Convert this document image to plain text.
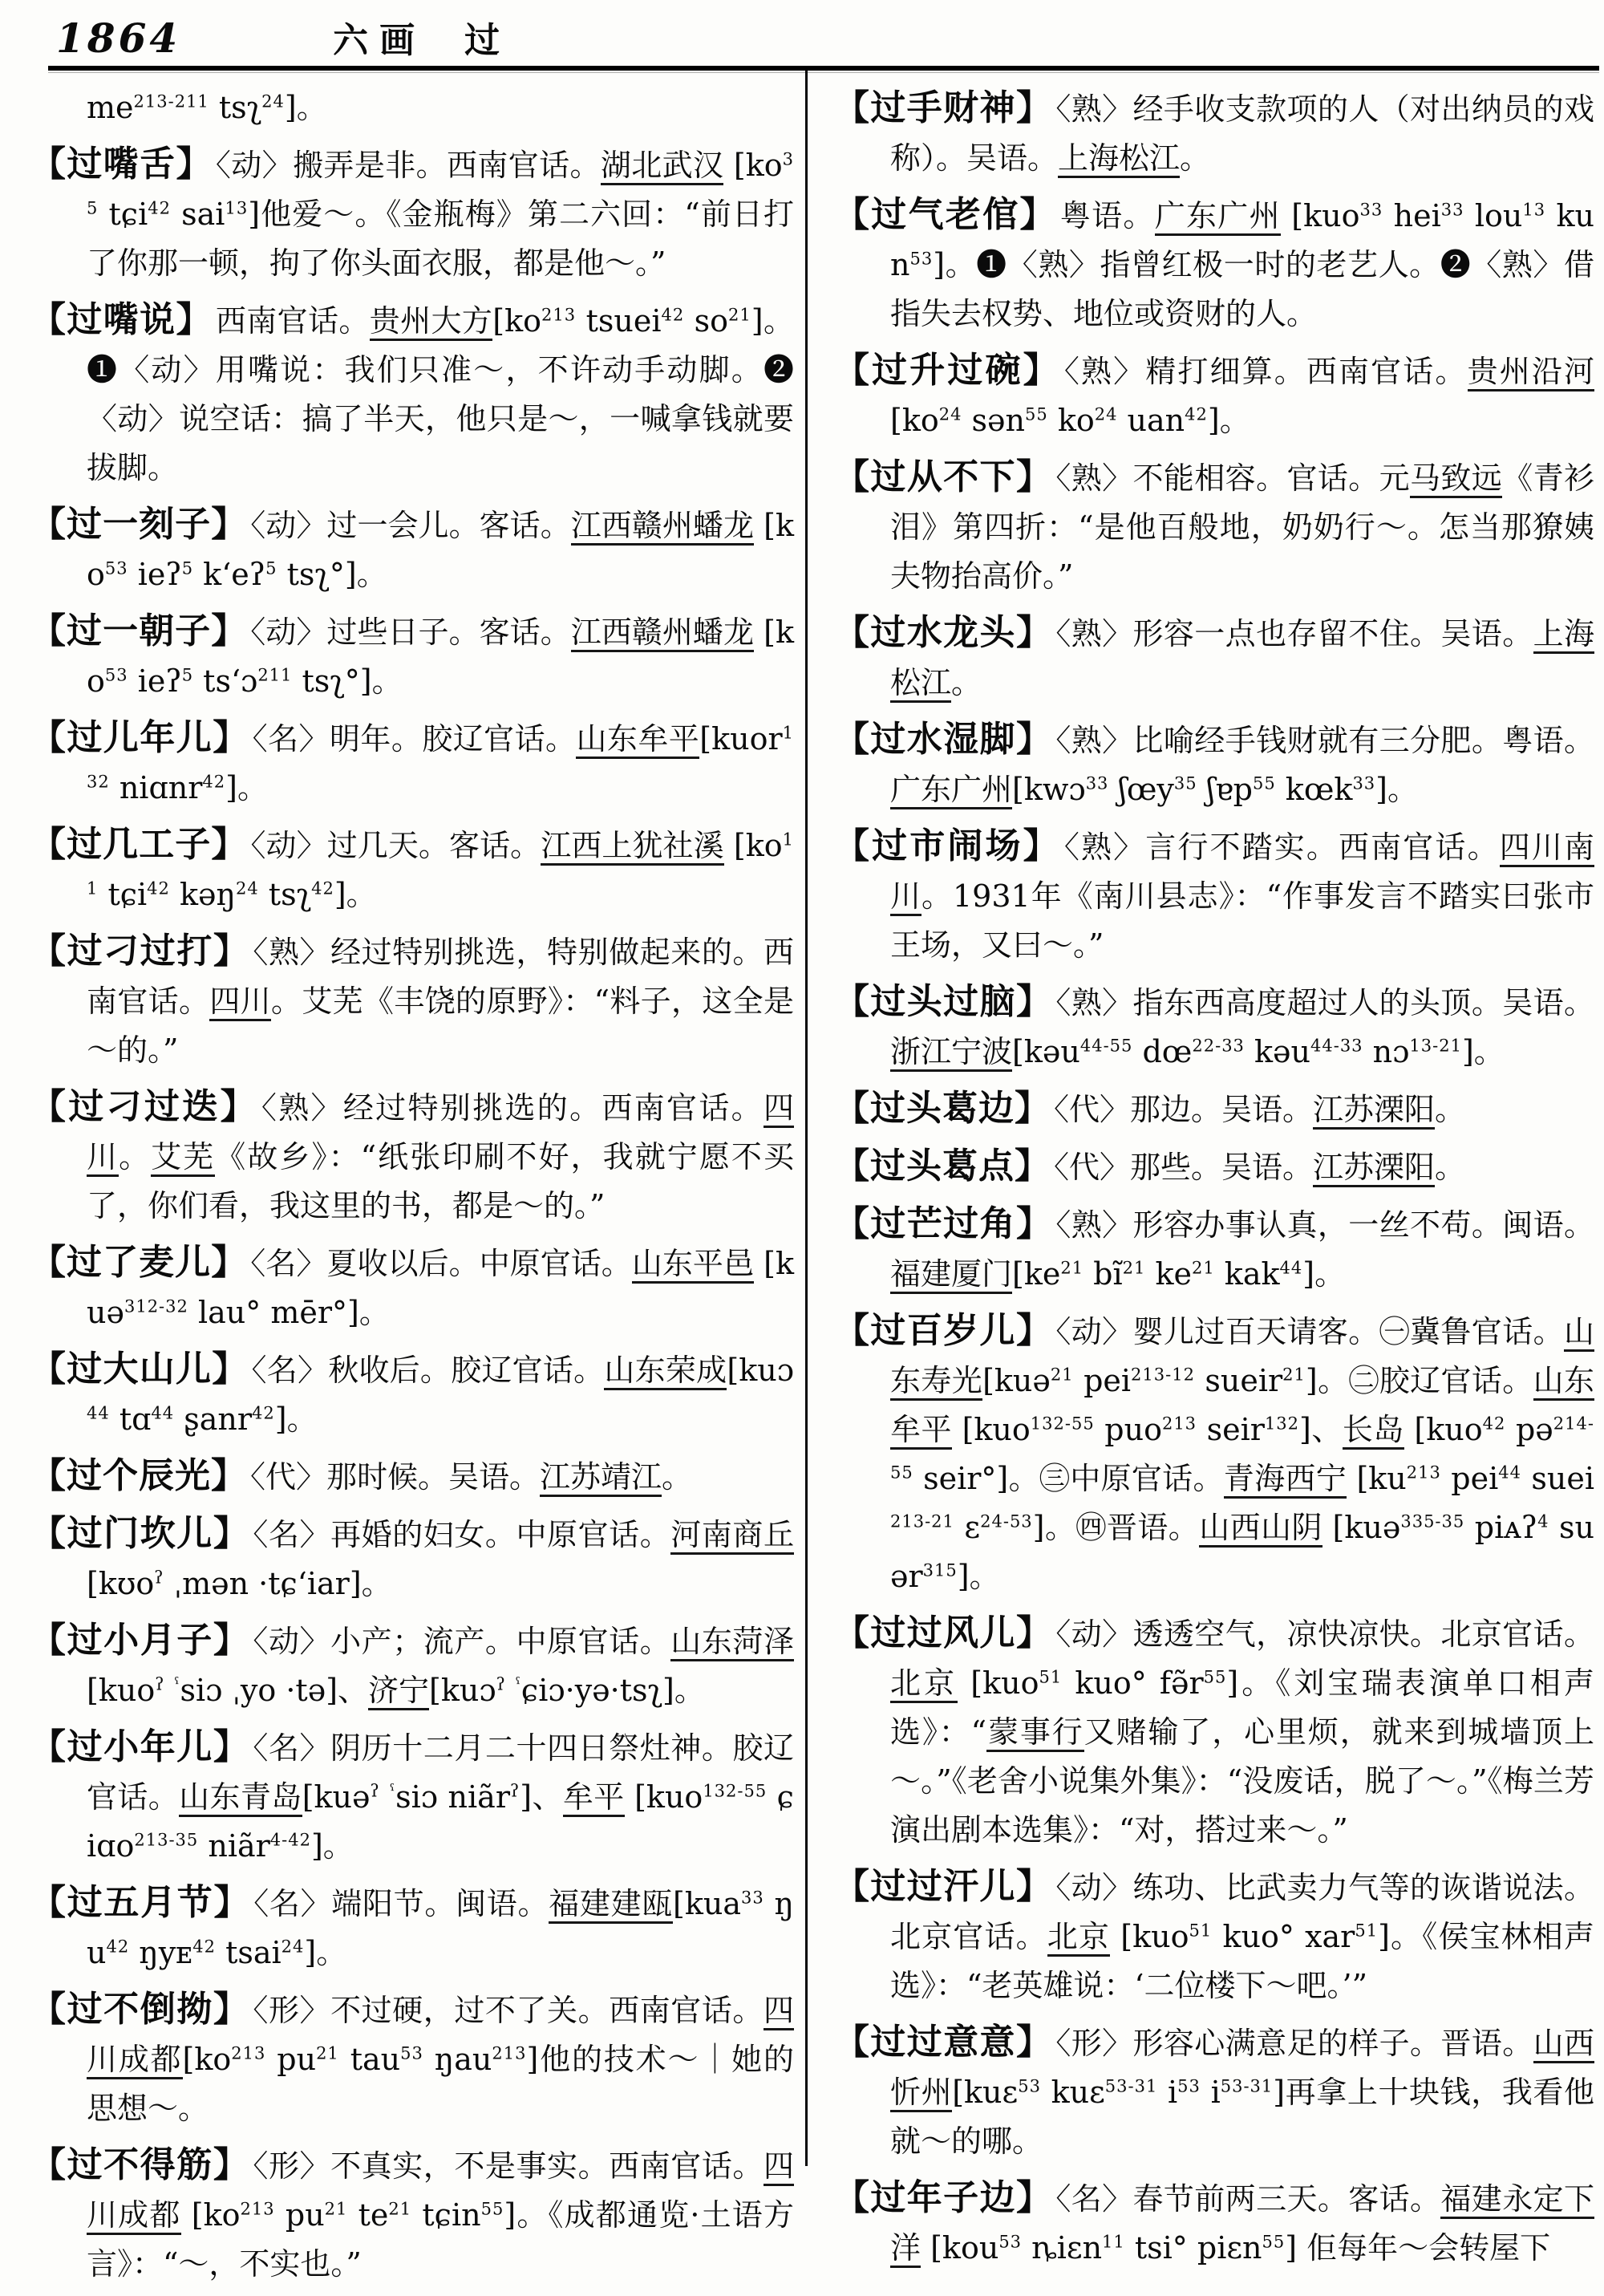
1864	六画 过
$me^{213-211}$ tsʅ$^{24}$]。
【过嘴舌】 〈动〉搬弄是非。西南官话。湖北武汉 [$ko^{35}$ tɕi$^{42}$ sai$^{13}$]他爱～。《金瓶梅》第二六回：“前日打了你那一顿，拘了你头面衣服，都是他～。”
【过嘴说】 西南官话。贵州大方[$ko^{213}$ tsuei$^{42}$ $so^{21}$]。❶〈动〉用嘴说：我们只准～，不许动手动脚。❷〈动〉说空话：搞了半天，他只是～，一喊拿钱就要拔脚。
【过一刻子】 〈动〉过一会儿。客话。江西赣州蟠龙 [$ko^{53}$ ieʔ$^5$ k‘eʔ$^5$ tsʅ°]。
【过一朝子】 〈动〉过些日子。客话。江西赣州蟠龙 [$ko^{53}$ ieʔ$^5$ ts‘ɔ$^{211}$ tsʅ°]。
【过儿年儿】 〈名〉明年。胶辽官话。山东牟平[kuor$^{132}$ niɑnr$^{42}$]。
【过几工子】 〈动〉过几天。客话。江西上犹社溪 [$ko^{11}$ tɕi$^{42}$ kəŋ$^{24}$ tsʅ$^{42}$]。
【过刁过打】 〈熟〉经过特别挑选，特别做起来的。西南官话。四川。艾芜《丰饶的原野》：“料子，这全是～的。”
【过刁过迭】 〈熟〉经过特别挑选的。西南官话。四川。艾芜《故乡》：“纸张印刷不好，我就宁愿不买了，你们看，我这里的书，都是～的。”
【过了麦儿】 〈名〉夏收以后。中原官话。山东平邑 [kuə$^{312-32}$ lau° mēr°]。
【过大山儿】 〈名〉秋收后。胶辽官话。山东荣成[kuɔ$^{44}$ tɑ$^{44}$ ʂanr$^{42}$]。
【过个辰光】 〈代〉那时候。吴语。江苏靖江。
【过门坎儿】 〈名〉再婚的妇女。中原官话。河南商丘 [kʊo$^ʔ$ ˌmən ·tɕ‘iar]。
【过小月子】 〈动〉小产；流产。中原官话。山东菏泽 [kuo$^ʔ$ $^ˤ$siɔ ˌyo ·tə]、济宁[kuɔ$^ʔ$ $^ˤ$ɕiɔ·yə·tsʅ]。
【过小年儿】 〈名〉阴历十二月二十四日祭灶神。胶辽官话。山东青岛[kuə$^ʔ$ $^ˤ$siɔ niãr$^ʔ$]、牟平 [kuo$^{132-55}$ ɕiɑo$^{213-35}$ niãr$^{4-42}$]。
【过五月节】 〈名〉端阳节。闽语。福建建瓯[kua$^{33}$ $ŋu^{42}$ ŋyᴇ$^{42}$ tsai$^{24}$]。
【过不倒拗】 〈形〉不过硬，过不了关。西南官话。四川成都[$ko^{213}$ $pu^{21}$ tau$^{53}$ ŋau$^{213}$]他的技术～｜她的思想～。
【过不得筋】 〈形〉不真实，不是事实。西南官话。四川成都 [$ko^{213}$ $pu^{21}$ $te^{21}$ tɕin$^{55}$]。《成都通览·土语方言》：“～，不实也。”
【过手财神】 〈熟〉经手收支款项的人（对出纳员的戏称）。吴语。上海松江。
【过气老倌】 粤语。广东广州 [kuo$^{33}$ hei$^{33}$ lou$^{13}$ kun$^{53}$]。❶〈熟〉指曾红极一时的老艺人。❷〈熟〉借指失去权势、地位或资财的人。
【过升过碗】 〈熟〉精打细算。西南官话。贵州沿河 [$ko^{24}$ sən$^{55}$ $ko^{24}$ uan$^{42}$]。
【过从不下】 〈熟〉不能相容。官话。元马致远《青衫泪》第四折：“是他百般地，奶奶行～。怎当那獠姨夫物抬高价。”
【过水龙头】 〈熟〉形容一点也存留不住。吴语。上海松江。
【过水湿脚】 〈熟〉比喻经手钱财就有三分肥。粤语。广东广州[kwɔ$^{33}$ ʃœy$^{35}$ ʃɐp$^{55}$ kœk$^{33}$]。
【过市闹场】 〈熟〉言行不踏实。西南官话。四川南川。1931年《南川县志》：“作事发言不踏实曰张市王场，又曰～。”
【过头过脑】 〈熟〉指东西高度超过人的头顶。吴语。浙江宁波[kəu$^{44-55}$ $dœ^{22-33}$ kəu$^{44-33}$ nɔ$^{13-21}$]。
【过头葛边】 〈代〉那边。吴语。江苏溧阳。
【过头葛点】 〈代〉那些。吴语。江苏溧阳。
【过芒过角】 〈熟〉形容办事认真，一丝不苟。闽语。福建厦门[$ke^{21}$ $bĩ^{21}$ $ke^{21}$ kak$^{44}$]。
【过百岁儿】 〈动〉婴儿过百天请客。㊀冀鲁官话。山东寿光[kuə$^{21}$ pei$^{213-12}$ sueir$^{21}$]。㊁胶辽官话。山东牟平 [kuo$^{132-55}$ puo$^{213}$ seir$^{132}$]、长岛 [kuo$^{42}$ pə$^{214-55}$ seir°]。㊂中原官话。青海西宁 [$ku^{213}$ pei$^{44}$ suei$^{213-21}$ ɛ$^{24-53}$]。㊃晋语。山西山阴 [kuə$^{335-35}$ piᴀʔ$^4$ suər$^{315}$]。
【过过风儿】 〈动〉透透空气，凉快凉快。北京官话。北京 [kuo$^{51}$ kuo° $fə̃r^{55}$]。《刘宝瑞表演单口相声选》：“蒙事行又赌输了，心里烦，就来到城墙顶上～。”《老舍小说集外集》：“没废话，脱了～。”《梅兰芳演出剧本选集》：“对，搭过来～。”
【过过汗儿】 〈动〉练功、比武卖力气等的诙谐说法。北京官话。北京 [kuo$^{51}$ kuo° xar$^{51}$]。《侯宝林相声选》：“老英雄说：‘二位楼下～吧。’”
【过过意意】 〈形〉形容心满意足的样子。晋语。山西忻州[kuɛ$^{53}$ kuɛ$^{53-31}$ $i^{53}$ $i^{53-31}$]再拿上十块钱，我看他就～的哪。
【过年子边】 〈名〉春节前两三天。客话。福建永定下洋 [kou$^{53}$ ȵiɛn$^{11}$ tsi° piɛn$^{55}$] 佢每年～会转屋下
